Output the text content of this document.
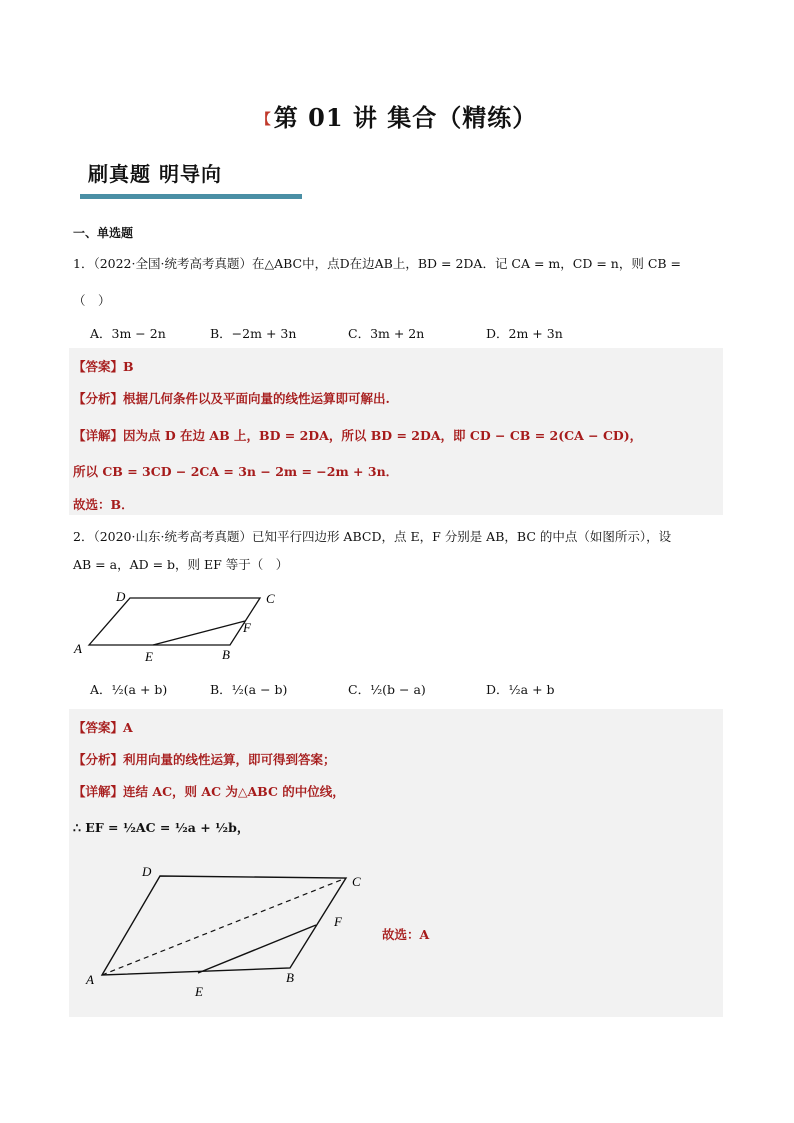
【第 01 讲 集合（精练）
刷真题 明导向
一、单选题
1．（2022·全国·统考高考真题）在△ABC中，点D在边AB上，BD = 2DA．记 CA = m，CD = n，则 CB =
（　）
A．3m − 2n	B．−2m + 3n	C．3m + 2n	D．2m + 3n
【答案】B
【分析】根据几何条件以及平面向量的线性运算即可解出.
【详解】因为点 D 在边 AB 上，BD = 2DA，所以 BD = 2DA，即 CD − CB = 2(CA − CD)，
所以 CB = 3CD − 2CA = 3n − 2m = −2m + 3n．
故选：B．
2．（2020·山东·统考高考真题）已知平行四边形 ABCD，点 E，F 分别是 AB，BC 的中点（如图所示），设
AB = a，AD = b，则 EF 等于（　）
A	B
C
D
E
F
A．½(a + b)	B．½(a − b)	C．½(b − a)	D．½a + b
【答案】A
【分析】利用向量的线性运算，即可得到答案；
【详解】连结 AC，则 AC 为△ABC 的中位线，
∴ EF = ½AC = ½a + ½b，
A	B
C
D
E
F
故选：A
